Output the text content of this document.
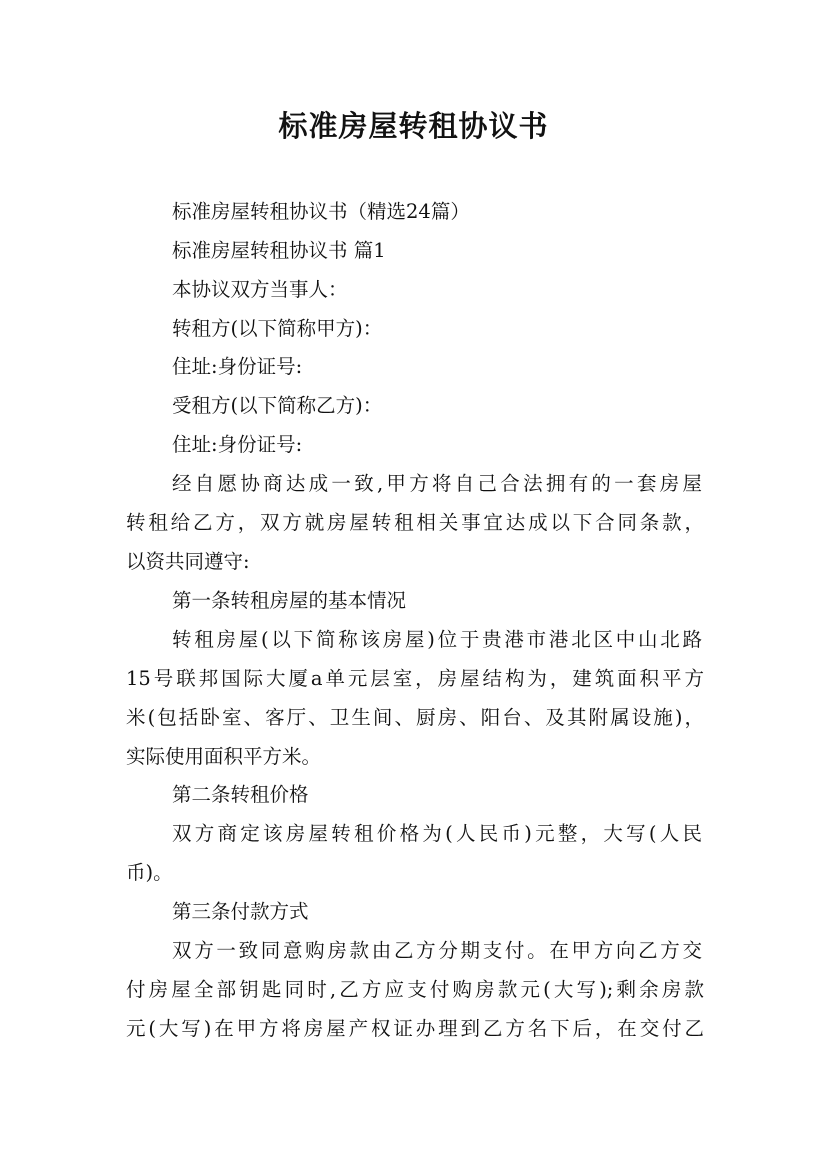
标准房屋转租协议书
标准房屋转租协议书（精选24篇）
标准房屋转租协议书 篇1
本协议双方当事人：
转租方(以下简称甲方)：
住址:身份证号:
受租方(以下简称乙方)：
住址:身份证号:
经自愿协商达成一致,甲方将自己合法拥有的一套房屋
转租给乙方，双方就房屋转租相关事宜达成以下合同条款，
以资共同遵守:
第一条转租房屋的基本情况
转租房屋(以下简称该房屋)位于贵港市港北区中山北路
15号联邦国际大厦a单元层室，房屋结构为，建筑面积平方
米(包括卧室、客厅、卫生间、厨房、阳台、及其附属设施)，
实际使用面积平方米。
第二条转租价格
双方商定该房屋转租价格为(人民币)元整，大写(人民
币)。
第三条付款方式
双方一致同意购房款由乙方分期支付。在甲方向乙方交
付房屋全部钥匙同时,乙方应支付购房款元(大写);剩余房款
元(大写)在甲方将房屋产权证办理到乙方名下后，在交付乙
